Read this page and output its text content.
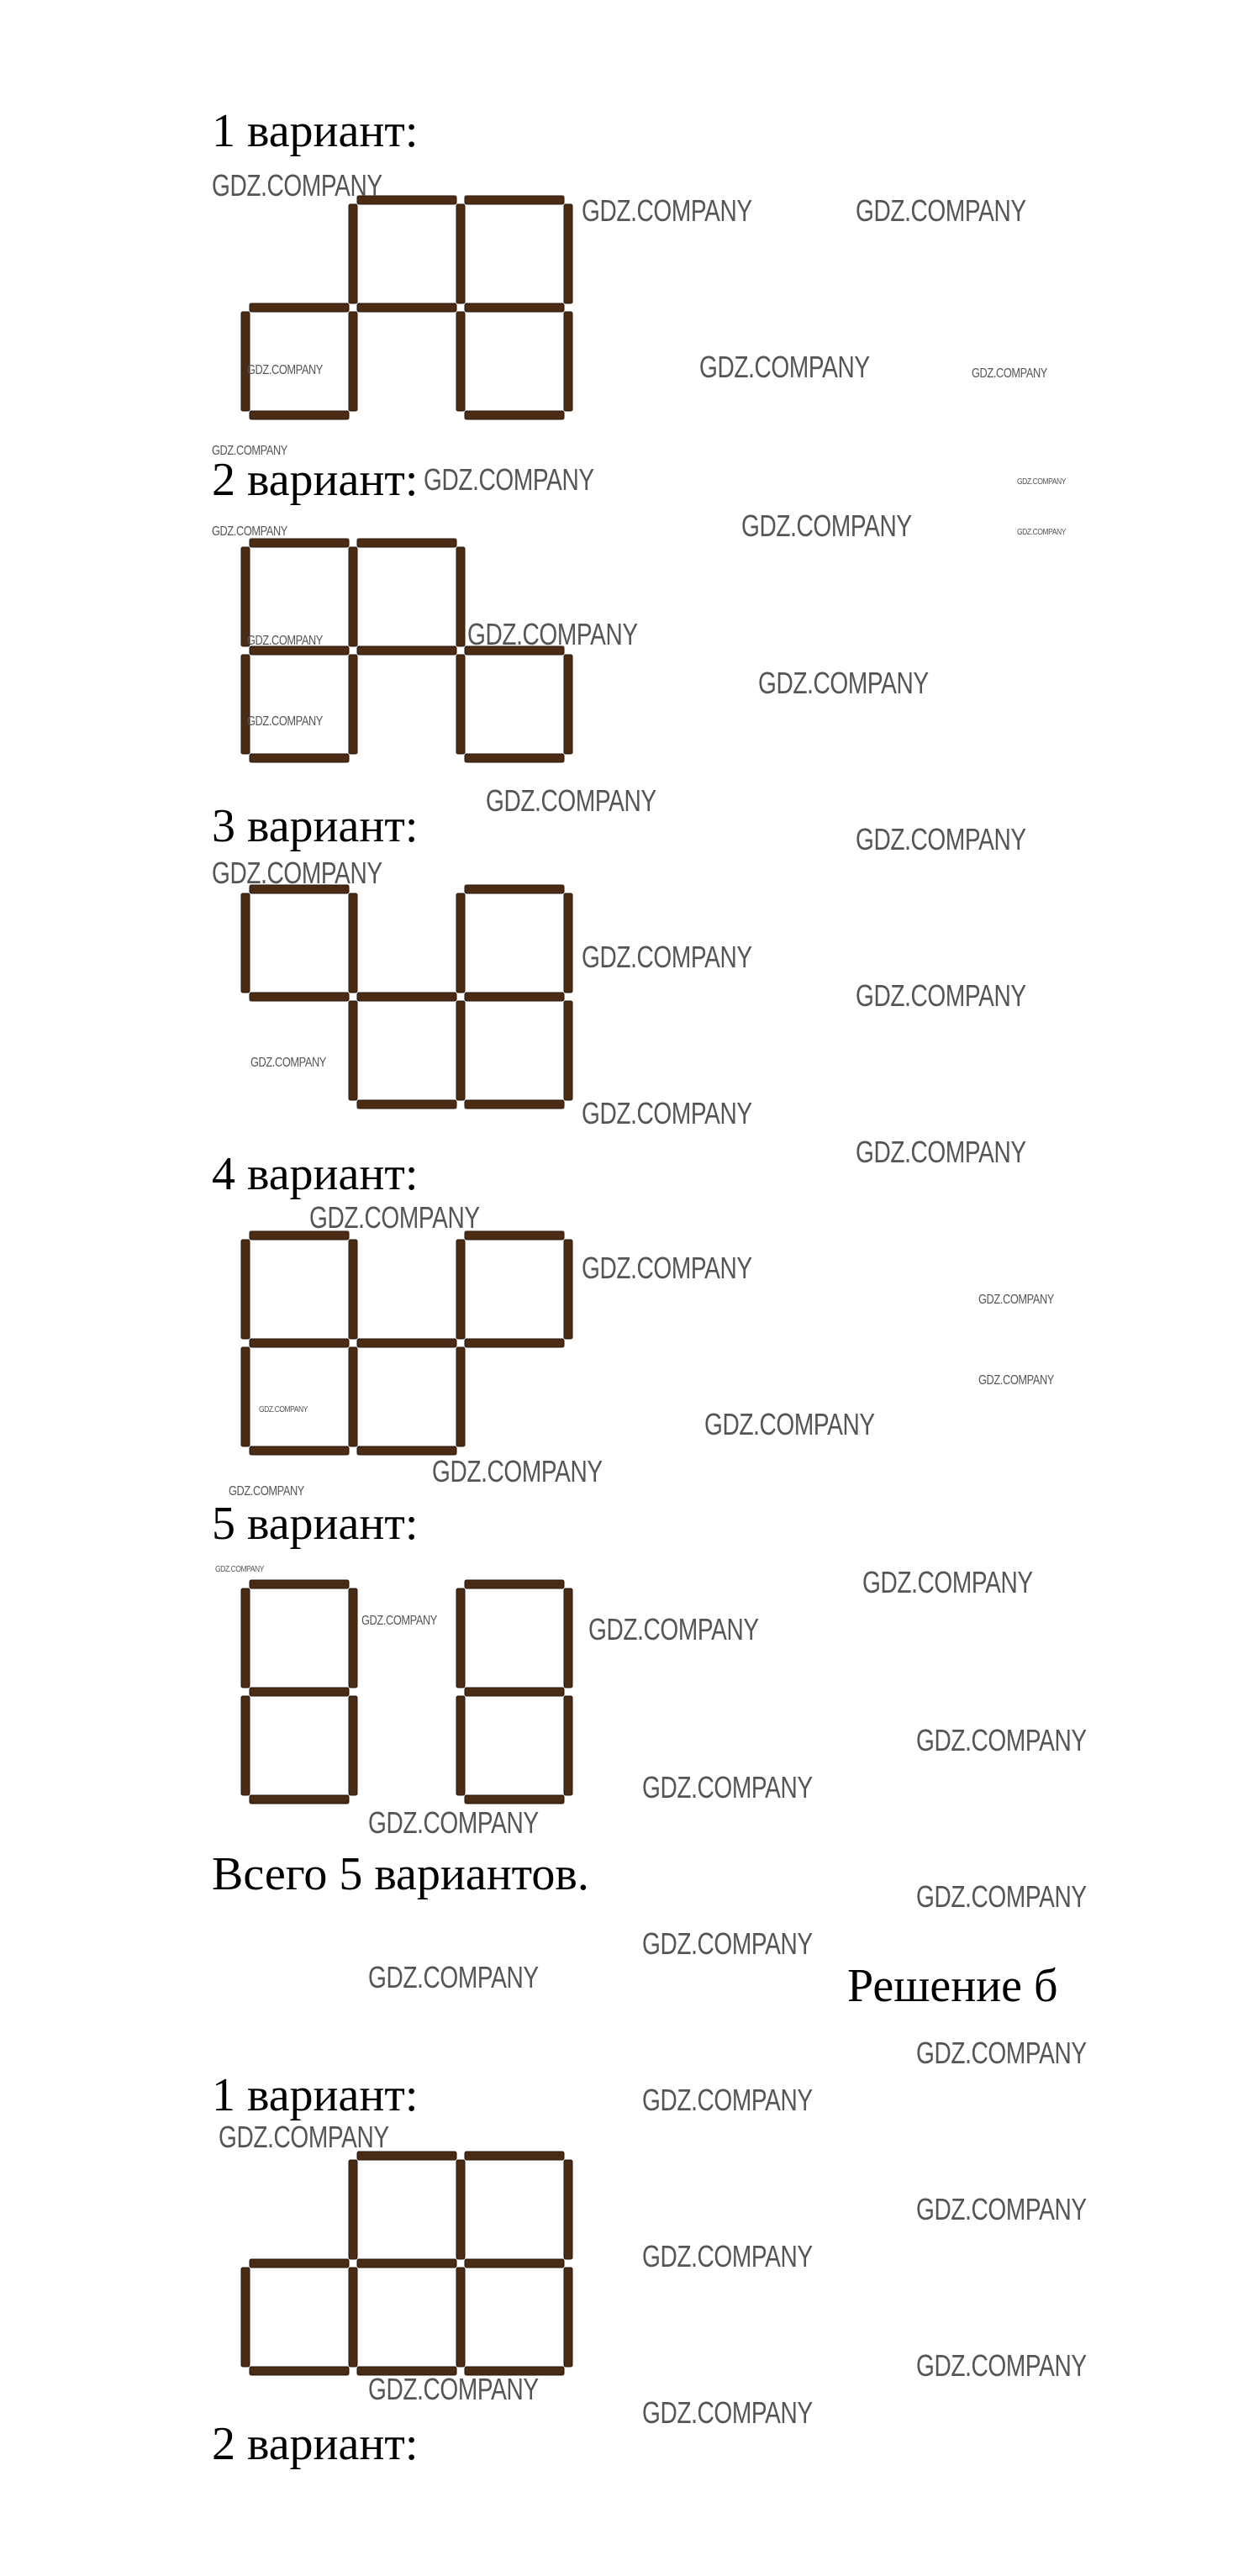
1 вариант:
2 вариант:
3 вариант:
4 вариант:
5 вариант:
Всего 5 вариантов.
Решение б
1 вариант:
2 вариант:
GDZ.COMPANY
GDZ.COMPANY	GDZ.COMPANY
GDZ.COMPANY	GDZ.COMPANY	GDZ.COMPANY
GDZ.COMPANY
GDZ.COMPANY	GDZ.COMPANY
GDZ.COMPANY	GDZ.COMPANY	GDZ.COMPANY
GDZ.COMPANY	GDZ.COMPANY
GDZ.COMPANY
GDZ.COMPANY
GDZ.COMPANY
GDZ.COMPANY
GDZ.COMPANY
GDZ.COMPANY
GDZ.COMPANY
GDZ.COMPANY
GDZ.COMPANY
GDZ.COMPANY
GDZ.COMPANY
GDZ.COMPANY
GDZ.COMPANY
GDZ.COMPANY
GDZ.COMPANY	GDZ.COMPANY
GDZ.COMPANY
GDZ.COMPANY
GDZ.COMPANY	GDZ.COMPANY
GDZ.COMPANY	GDZ.COMPANY
GDZ.COMPANY
GDZ.COMPANY
GDZ.COMPANY
GDZ.COMPANY
GDZ.COMPANY
GDZ.COMPANY
GDZ.COMPANY
GDZ.COMPANY
GDZ.COMPANY
GDZ.COMPANY
GDZ.COMPANY
GDZ.COMPANY
GDZ.COMPANY
GDZ.COMPANY
